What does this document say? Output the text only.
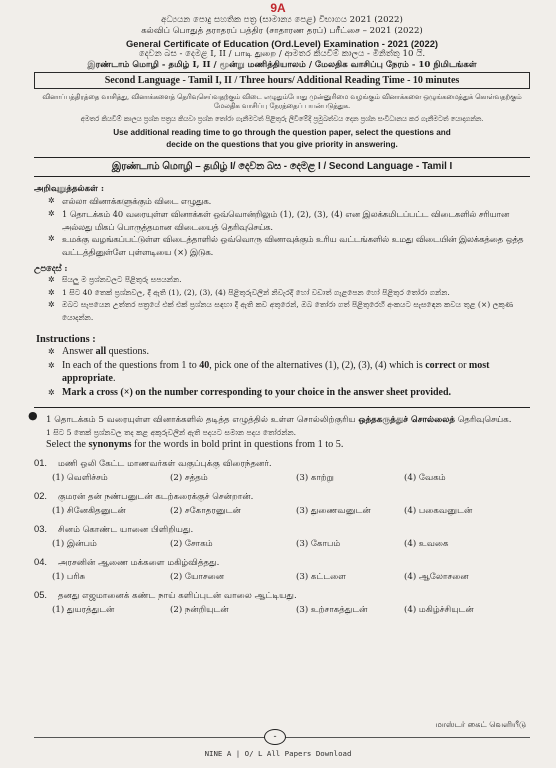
9A
අධ්‍යයන පොදු සහතික පත්‍ර (සාමාන්‍ය පෙළ) විභාගය 2021 (2022)
கல்விப் பொதுத் தராதரப் பத்திர (சாதாரண தரப்) பரீட்சை – 2021 (2022)
General Certificate of Education (Ord.Level) Examination - 2021 (2022)
දෙවන බස - දෙමළ I, II / பாடி துறை / ආමතර කියවීම් කාලය - මිනිත්තු 10 යි.
இரண்டாம் மொழி - தமிழ் I, II / மூன்று மணித்தியாலம் / மேலதிக வாசிப்பு நேரம் - 10 நிமிடங்கள்
Second Language - Tamil I, II / Three hours/ Additional Reading Time - 10 minutes
வினாப்பத்திரத்தை வாசித்து, வினாக்களைத் தெரிவுசெய்வதற்கும் விடை எழுதும்போது முன்னுரிமை வழங்கும் வினாக்களை ஒழுங்கமைத்துக் கொள்வதற்கும் மேலதிக வாசிப்பு நேரத்தைப் பயன்படுத்துக.
අමතර කියවීම් කාලය ප්‍රශ්න පත්‍රය කියවා ප්‍රශ්න තෝරා ගැනීමටත් පිළිතුරු ලිවීමේදී ප්‍රමුඛත්වය දෙන ප්‍රශ්න සංවිධානය කර ගැනීමටත් යොදාගන්න.
Use additional reading time to go through the question paper, select the questions and
decide on the questions that you give priority in answering.
இரண்டாம் மொழி – தமிழ் I/ දෙවන බස - දෙමළ I / Second Language - Tamil I
அறிவுறுத்தல்கள் :
✲ எல்லா வினாக்களுக்கும் விடை எழுதுக.
✲ 1 தொடக்கம் 40 வரையுள்ள வினாக்கள் ஒவ்வொன்றிலும் (1), (2), (3), (4) என இலக்கமிடப்பட்ட விடைகளில் சரியான அல்லது மிகப் பொருத்தமான விடையைத் தெரிவுசெய்க.
✲ உமக்கு வழங்கப்பட்டுள்ள விடைத்தாளில் ஒவ்வொரு வினாவுக்கும் உரிய வட்டங்களில் உமது விடையின் இலக்கத்தை ஒத்த வட்டத்தினுள்ளே புள்ளடியை (×) இடுக.
උපදෙස් :
✲ සියලු ම ප්‍රශ්නවලට පිළිතුරු සපයන්න.
✲ 1 සිට 40 තෙක් ප්‍රශ්නවල, දී ඇති (1), (2), (3), (4) පිළිතුරුවලින් නිවැරදි හෝ වඩාත් ගැළපෙන හෝ පිළිතුර තෝරා ගන්න.
✲ ඔබට සැපයෙන උත්තර පත්‍රයේ එක් එක් ප්‍රශ්නය සඳහා දී ඇති කව අතුරෙන්, ඔබ තෝරා ගත් පිළිතුරෙහි අංකයට සැසඳෙන කවය තුළ (×) ලකුණ යොදන්න.
Instructions :
✲ Answer all questions.
✲ In each of the questions from 1 to 40, pick one of the alternatives (1), (2), (3), (4) which is correct or most appropriate.
✲ Mark a cross (×) on the number corresponding to your choice in the answer sheet provided.
● 1 தொடக்கம் 5 வரையுள்ள வினாக்களில் தடித்த எழுத்தில் உள்ள சொல்லிற்குரிய ஒத்தகருத்துச் சொல்லைத் தெரிவுசெய்க.
1 සිට 5 තෙක් ප්‍රශ්නවල තද කළ අකුරුවලින් ඇති පදයට සමාන පදය තෝරන්න.
Select the synonyms for the words in bold print in questions from 1 to 5.
01. மணி ஒலி கேட்ட மாணவர்கள் வகுப்புக்கு விரைந்தனர்.
(1) வெளிச்சம்	(2) சத்தம்	(3) காற்று	(4) வேகம்
02. குமரன் தன் நண்பனுடன் கடற்கரைக்குச் சென்றான்.
(1) சினேகிதனுடன்	(2) சகோதரனுடன்	(3) துணைவனுடன்	(4) பகைவனுடன்
03. சினம் கொண்ட யானை பிளிறியது.
(1) இன்பம்	(2) சோகம்	(3) கோபம்	(4) உவகை
04. அரசனின் ஆணை மக்களை மகிழ்வித்தது.
(1) பரிசு	(2) யோசனை	(3) கட்டளை	(4) ஆலோசனை
05. தனது எஜமானைக் கண்ட நாய் களிப்புடன் வாலை ஆட்டியது.
(1) துயரத்துடன்	(2) நன்றியுடன்	(3) உற்சாகத்துடன்	(4) மகிழ்ச்சியுடன்
மாஸ்டர் கைட் வெளியீடு
-
NINE A | O/ L All Papers Download
